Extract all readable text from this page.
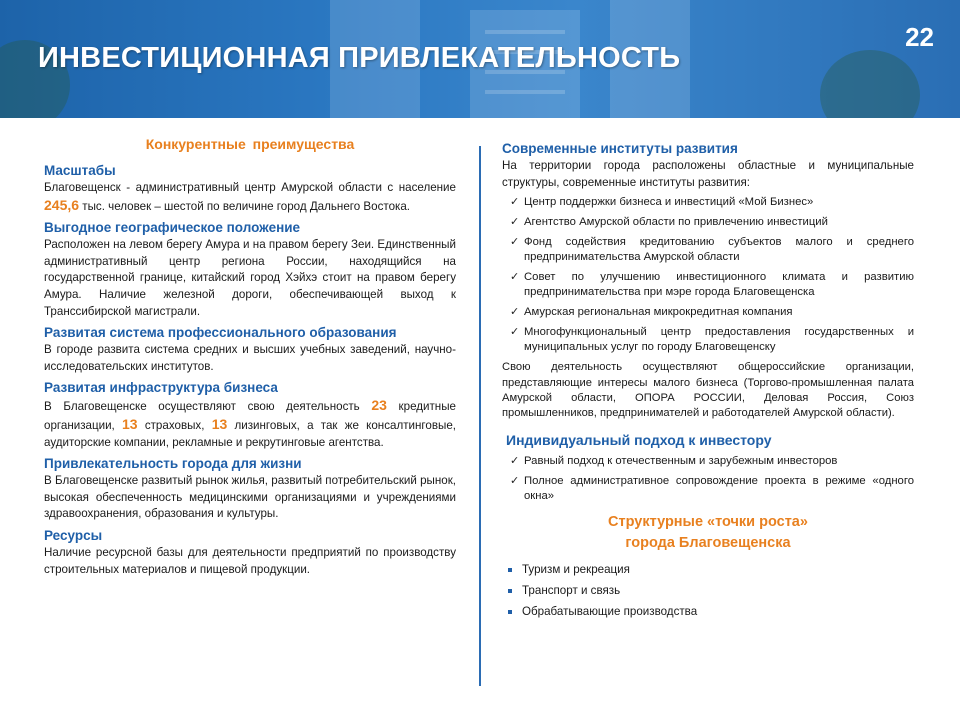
ИНВЕСТИЦИОННАЯ ПРИВЛЕКАТЕЛЬНОСТЬ
22
Конкурентные преимущества
Масштабы

Благовещенск - административный центр Амурской области с население 245,6 тыс. человек – шестой по величине город Дальнего Востока.

Выгодное географическое положение

Расположен на левом берегу Амура и на правом берегу Зеи. Единственный административный центр региона России, находящийся на государственной границе, китайский город Хэйхэ стоит на правом берегу Амура. Наличие железной дороги, обеспечивающей выход к Транссибирской магистрали.

Развитая система профессионального образования

В городе развита система средних и высших учебных заведений, научно-исследовательских институтов.

Развитая инфраструктура бизнеса

В Благовещенске осуществляют свою деятельность 23 кредитные организации, 13 страховых, 13 лизинговых, а так же консалтинговые, аудиторские компании, рекламные и рекрутинговые агентства.

Привлекательность города для жизни

В Благовещенске развитый рынок жилья, развитый потребительский рынок, высокая обеспеченность медицинскими организациями и учреждениями здравоохранения, образования и культуры.

Ресурсы

Наличие ресурсной базы для деятельности предприятий по производству строительных материалов и пищевой продукции.

Современные институты развития

На территории города расположены областные и муниципальные структуры, современные институты развития:

✓ Центр поддержки бизнеса и инвестиций «Мой Бизнес»
✓ Агентство Амурской области по привлечению инвестиций
✓ Фонд содействия кредитованию субъектов малого и среднего предпринимательства Амурской области
✓ Совет по улучшению инвестиционного климата и развитию предпринимательства при мэре города Благовещенска
✓ Амурская региональная микрокредитная компания
✓ Многофункциональный центр предоставления государственных и муниципальных услуг по городу Благовещенску

Свою деятельность осуществляют общероссийские организации, представляющие интересы малого бизнеса (Торгово-промышленная палата Амурской области, ОПОРА РОССИИ, Деловая Россия, Союз промышленников, предпринимателей и работодателей Амурской области).

Индивидуальный подход к инвестору
✓ Равный подход к отечественным и зарубежным инвесторов
✓ Полное административное сопровождение проекта в режиме «одного окна»
Структурные «точки роста»
города Благовещенска
Туризм и рекреация
Транспорт и связь
Обрабатывающие производства
